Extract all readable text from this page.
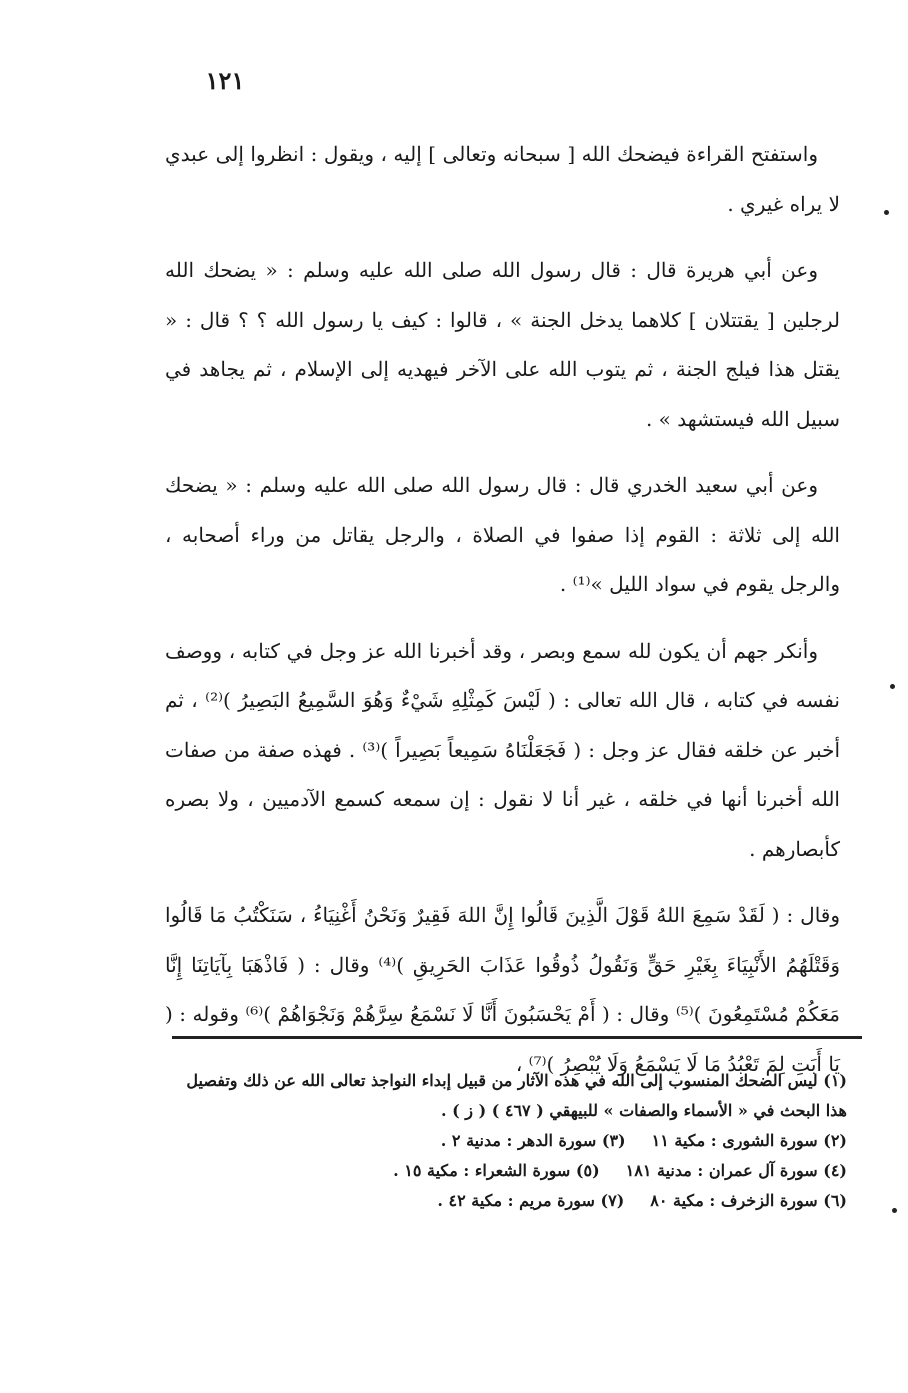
١٢١

واستفتح القراءة فيضحك الله [ سبحانه وتعالى ] إليه ، ويقول : انظروا إلى عبدي لا يراه غيري .

وعن أبي هريرة قال : قال رسول الله صلى الله عليه وسلم : « يضحك الله لرجلين [ يقتتلان ] كلاهما يدخل الجنة » ، قالوا : كيف يا رسول الله ؟ ؟ قال : « يقتل هذا فيلج الجنة ، ثم يتوب الله على الآخر فيهديه إلى الإسلام ، ثم يجاهد في سبيل الله فيستشهد » .

وعن أبي سعيد الخدري قال : قال رسول الله صلى الله عليه وسلم : « يضحك الله إلى ثلاثة : القوم إذا صفوا في الصلاة ، والرجل يقاتل من وراء أصحابه ، والرجل يقوم في سواد الليل »⁽¹⁾ .

وأنكر جهم أن يكون لله سمع وبصر ، وقد أخبرنا الله عز وجل في كتابه ، ووصف نفسه في كتابه ، قال الله تعالى : ( لَيْسَ كَمِثْلِهِ شَيْءٌ وَهُوَ السَّمِيعُ البَصِيرُ )⁽²⁾ ، ثم أخبر عن خلقه فقال عز وجل : ( فَجَعَلْنَاهُ سَمِيعاً بَصِيراً )⁽³⁾ . فهذه صفة من صفات الله أخبرنا أنها في خلقه ، غير أنا لا نقول : إن سمعه كسمع الآدميين ، ولا بصره كأبصارهم .

وقال : ( لَقَدْ سَمِعَ اللهُ قَوْلَ الَّذِينَ قَالُوا إِنَّ اللهَ فَقِيرٌ وَنَحْنُ أَغْنِيَاءُ ، سَنَكْتُبُ مَا قَالُوا وَقَتْلَهُمُ الأَنْبِيَاءَ بِغَيْرِ حَقٍّ وَنَقُولُ ذُوقُوا عَذَابَ الحَرِيقِ )⁽⁴⁾ وقال : ( فَاذْهَبَا بِآيَاتِنَا إِنَّا مَعَكُمْ مُسْتَمِعُونَ )⁽⁵⁾ وقال : ( أَمْ يَحْسَبُونَ أَنَّا لَا نَسْمَعُ سِرَّهُمْ وَنَجْوَاهُمْ )⁽⁶⁾ وقوله : ( يَا أَبَتِ لِمَ تَعْبُدُ مَا لَا يَسْمَعُ وَلَا يُبْصِرُ )⁽⁷⁾ ،

(١) ليس الضحك المنسوب إلى الله في هذه الآثار من قبيل إبداء النواجذ تعالى الله عن ذلك وتفصيل هذا البحث في « الأسماء والصفات » للبيهقي ( ٤٦٧ ) ( ز ) .

(٢) سورة الشورى : مكية ١١
(٣) سورة الدهر : مدنية ٢ .
(٤) سورة آل عمران : مدنية ١٨١
(٥) سورة الشعراء : مكية ١٥ .
(٦) سورة الزخرف : مكية ٨٠
(٧) سورة مريم : مكية ٤٢ .
